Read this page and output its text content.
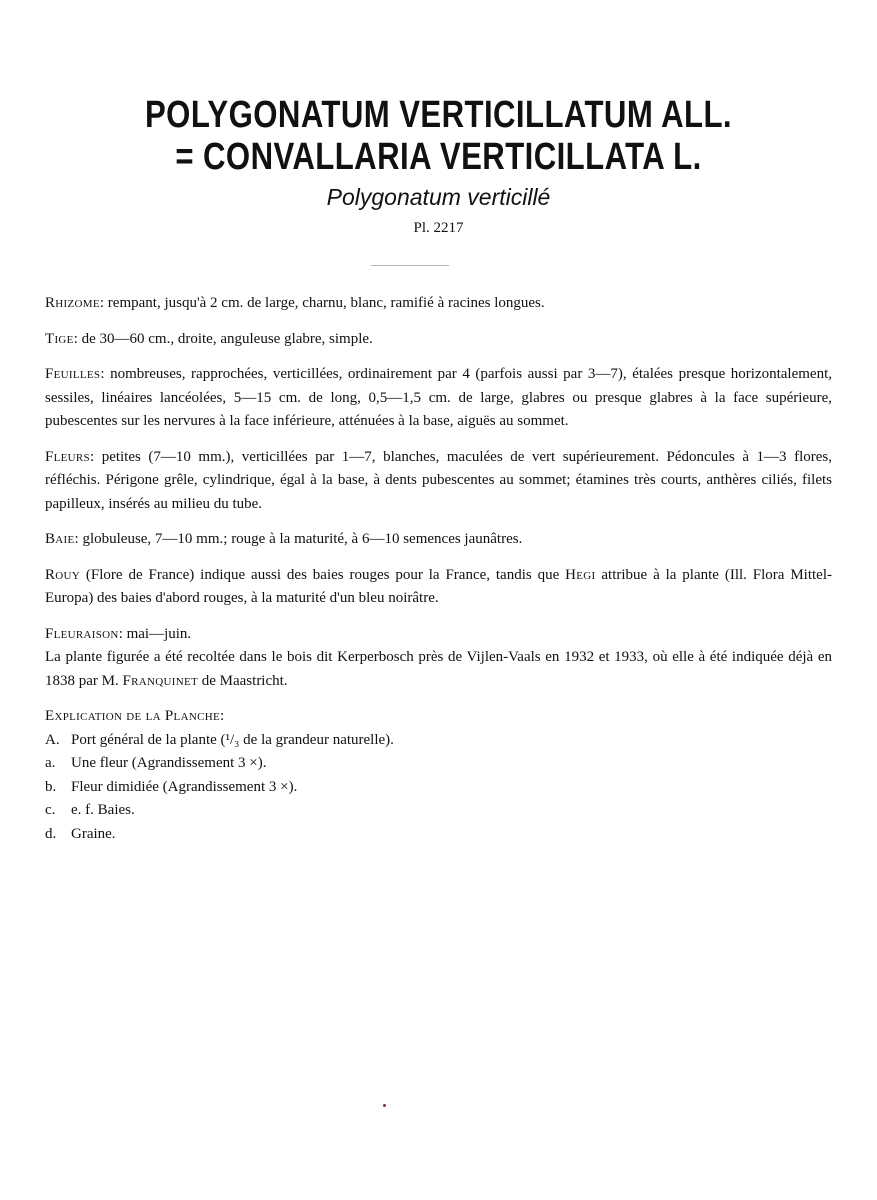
POLYGONATUM VERTICILLATUM ALL.
= CONVALLARIA VERTICILLATA L.

Polygonatum verticillé

Pl. 2217

Rhizome: rempant, jusqu'à 2 cm. de large, charnu, blanc, ramifié à racines longues.

Tige: de 30—60 cm., droite, anguleuse glabre, simple.

Feuilles: nombreuses, rapprochées, verticillées, ordinairement par 4 (parfois aussi par 3—7), étalées presque horizontalement, sessiles, linéaires lancéolées, 5—15 cm. de long, 0,5—1,5 cm. de large, glabres ou presque glabres à la face supérieure, pubescentes sur les nervures à la face inférieure, atténuées à la base, aiguës au sommet.

Fleurs: petites (7—10 mm.), verticillées par 1—7, blanches, maculées de vert supérieurement. Pédoncules à 1—3 flores, réfléchis. Périgone grêle, cylindrique, égal à la base, à dents pubescentes au sommet; étamines très courts, anthères ciliés, filets papilleux, insérés au milieu du tube.

Baie: globuleuse, 7—10 mm.; rouge à la maturité, à 6—10 semences jaunâtres.

Rouy (Flore de France) indique aussi des baies rouges pour la France, tandis que Hegi attribue à la plante (Ill. Flora Mittel-Europa) des baies d'abord rouges, à la maturité d'un bleu noirâtre.

Fleuraison: mai—juin.

La plante figurée a été recoltée dans le bois dit Kerperbosch près de Vijlen-Vaals en 1932 et 1933, où elle à été indiquée déjà en 1838 par M. Franquinet de Maastricht.

Explication de la Planche:

A. Port général de la plante (¹/₃ de la grandeur naturelle).
a.	Une fleur (Agrandissement 3 ×).
b. Fleur dimidiée (Agrandissement 3 ×).
c.	e. f. Baies.
d. Graine.
